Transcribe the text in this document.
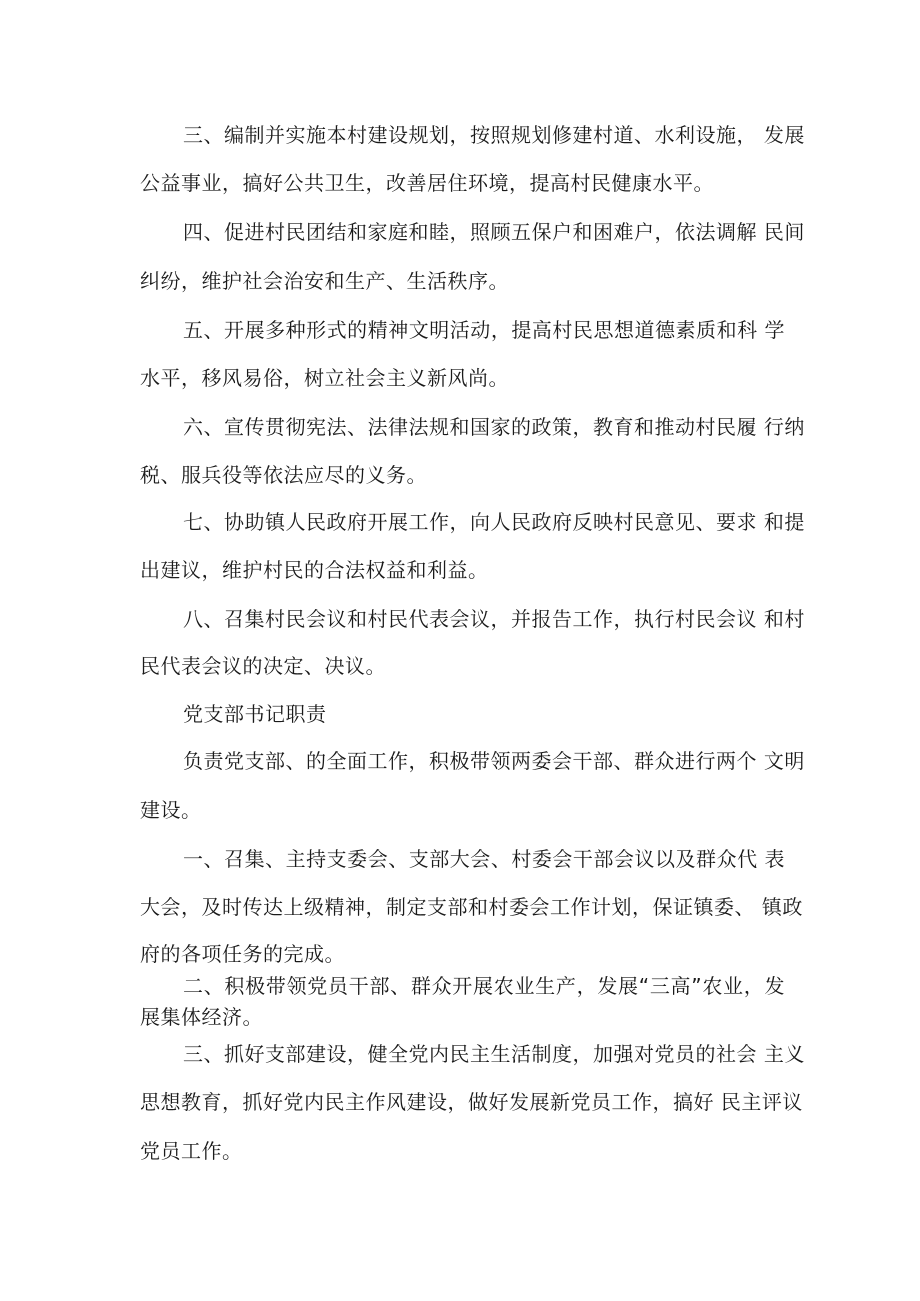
三、编制并实施本村建设规划，按照规划修建村道、水利设施， 发展
公益事业，搞好公共卫生，改善居住环境，提高村民健康水平。
四、促进村民团结和家庭和睦，照顾五保户和困难户，依法调解 民间
纠纷，维护社会治安和生产、生活秩序。
五、开展多种形式的精神文明活动，提高村民思想道德素质和科 学
水平，移风易俗，树立社会主义新风尚。
六、宣传贯彻宪法、法律法规和国家的政策，教育和推动村民履 行纳
税、服兵役等依法应尽的义务。
七、协助镇人民政府开展工作，向人民政府反映村民意见、要求 和提
出建议，维护村民的合法权益和利益。
八、召集村民会议和村民代表会议，并报告工作，执行村民会议 和村
民代表会议的决定、决议。
党支部书记职责
负责党支部、的全面工作，积极带领两委会干部、群众进行两个 文明
建设。
一、召集、主持支委会、支部大会、村委会干部会议以及群众代 表
大会，及时传达上级精神，制定支部和村委会工作计划，保证镇委、 镇政
府的各项任务的完成。
二、积极带领党员干部、群众开展农业生产，发展“三高”农业，发
展集体经济。
三、抓好支部建设，健全党内民主生活制度，加强对党员的社会 主义
思想教育，抓好党内民主作风建设，做好发展新党员工作，搞好 民主评议
党员工作。
